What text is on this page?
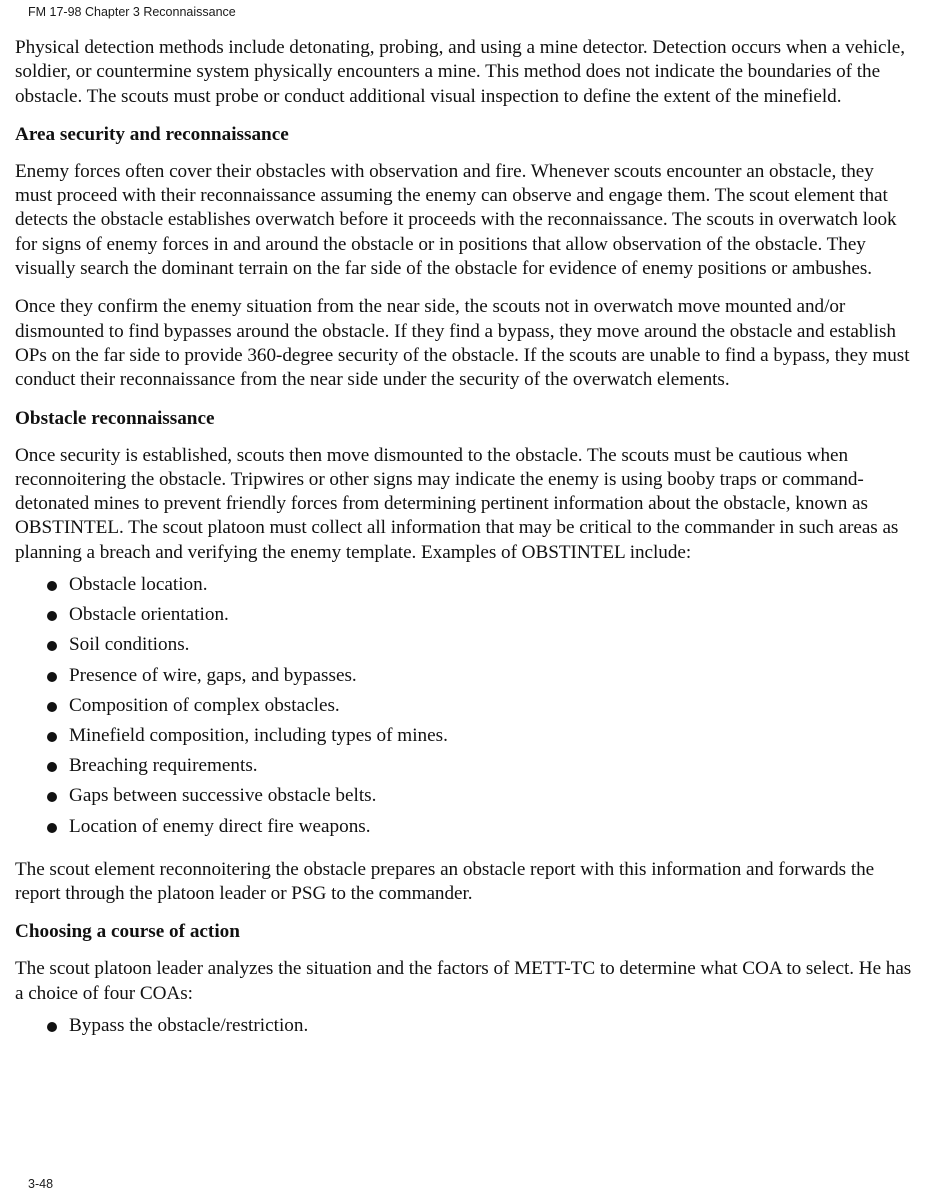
FM 17-98 Chapter 3 Reconnaissance

Physical detection methods include detonating, probing, and using a mine detector. Detection occurs when a vehicle, soldier, or countermine system physically encounters a mine. This method does not indicate the boundaries of the obstacle. The scouts must probe or conduct additional visual inspection to define the extent of the minefield.

Area security and reconnaissance

Enemy forces often cover their obstacles with observation and fire. Whenever scouts encounter an obstacle, they must proceed with their reconnaissance assuming the enemy can observe and engage them. The scout element that detects the obstacle establishes overwatch before it proceeds with the reconnaissance. The scouts in overwatch look for signs of enemy forces in and around the obstacle or in positions that allow observation of the obstacle. They visually search the dominant terrain on the far side of the obstacle for evidence of enemy positions or ambushes.

Once they confirm the enemy situation from the near side, the scouts not in overwatch move mounted and/or dismounted to find bypasses around the obstacle. If they find a bypass, they move around the obstacle and establish OPs on the far side to provide 360-degree security of the obstacle. If the scouts are unable to find a bypass, they must conduct their reconnaissance from the near side under the security of the overwatch elements.

Obstacle reconnaissance

Once security is established, scouts then move dismounted to the obstacle. The scouts must be cautious when reconnoitering the obstacle. Tripwires or other signs may indicate the enemy is using booby traps or command-detonated mines to prevent friendly forces from determining pertinent information about the obstacle, known as OBSTINTEL. The scout platoon must collect all information that may be critical to the commander in such areas as planning a breach and verifying the enemy template. Examples of OBSTINTEL include:

Obstacle location.
Obstacle orientation.
Soil conditions.
Presence of wire, gaps, and bypasses.
Composition of complex obstacles.
Minefield composition, including types of mines.
Breaching requirements.
Gaps between successive obstacle belts.
Location of enemy direct fire weapons.

The scout element reconnoitering the obstacle prepares an obstacle report with this information and forwards the report through the platoon leader or PSG to the commander.

Choosing a course of action

The scout platoon leader analyzes the situation and the factors of METT-TC to determine what COA to select. He has a choice of four COAs:

Bypass the obstacle/restriction.
3-48
